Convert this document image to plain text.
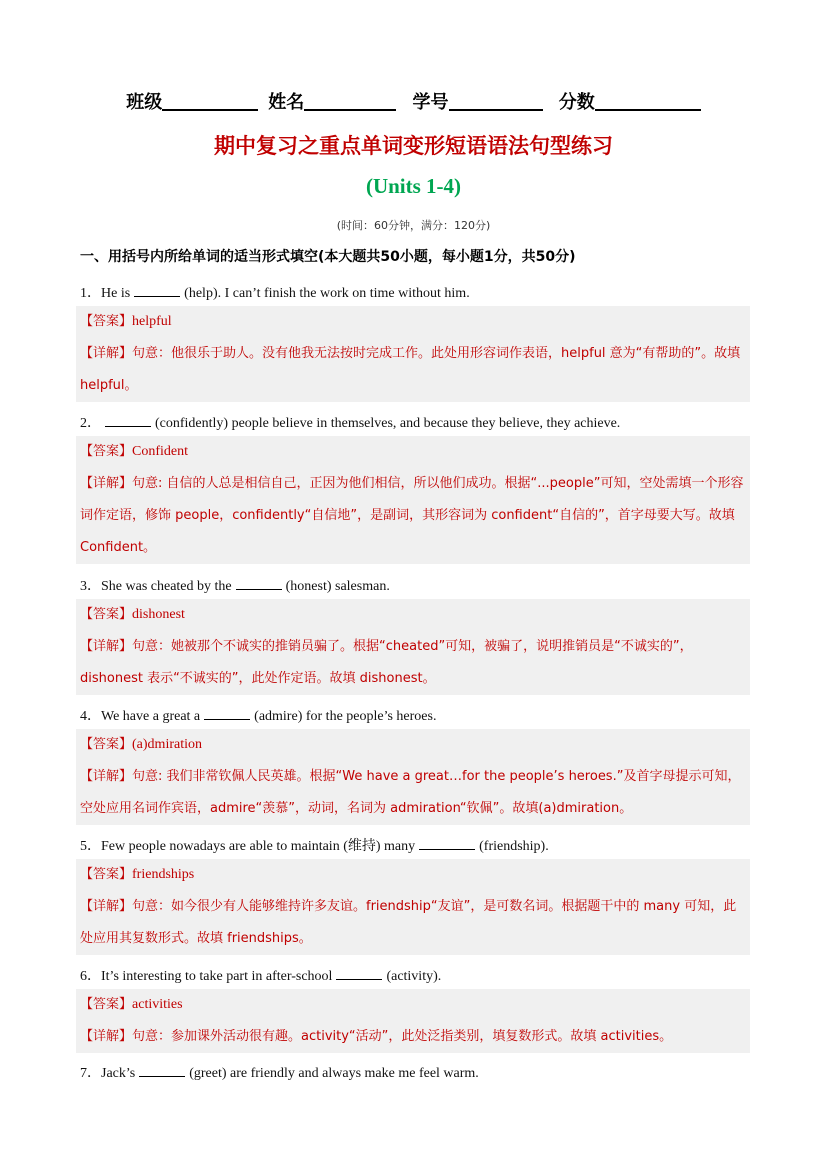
班级	姓名	学号	分数
期中复习之重点单词变形短语语法句型练习
(Units 1-4)
(时间：60分钟，满分：120分)
一、用括号内所给单词的适当形式填空(本大题共50小题，每小题1分，共50分)
1．He is	(help). I can’t finish the work on time without him.
【答案】helpful
【详解】句意：他很乐于助人。没有他我无法按时完成工作。此处用形容词作表语，helpful 意为“有帮助的”。故填 helpful。
2．	(confidently) people believe in themselves, and because they believe, they achieve.
【答案】Confident
【详解】句意: 自信的人总是相信自己，正因为他们相信，所以他们成功。根据“...people”可知，空处需填一个形容词作定语，修饰 people，confidently“自信地”，是副词，其形容词为 confident“自信的”，首字母要大写。故填 Confident。
3．She was cheated by the	(honest) salesman.
【答案】dishonest
【详解】句意：她被那个不诚实的推销员骗了。根据“cheated”可知，被骗了，说明推销员是“不诚实的”，dishonest 表示“不诚实的”，此处作定语。故填 dishonest。
4．We have a great a	(admire) for the people’s heroes.
【答案】(a)dmiration
【详解】句意: 我们非常钦佩人民英雄。根据“We have a great…for the people’s heroes.”及首字母提示可知，空处应用名词作宾语，admire“羡慕”，动词，名词为 admiration“钦佩”。故填(a)dmiration。
5．Few people nowadays are able to maintain (维持) many	(friendship).
【答案】friendships
【详解】句意：如今很少有人能够维持许多友谊。friendship“友谊”，是可数名词。根据题干中的 many 可知，此处应用其复数形式。故填 friendships。
6．It’s interesting to take part in after-school	(activity).
【答案】activities
【详解】句意：参加课外活动很有趣。activity“活动”，此处泛指类别，填复数形式。故填 activities。
7．Jack’s	(greet) are friendly and always make me feel warm.
